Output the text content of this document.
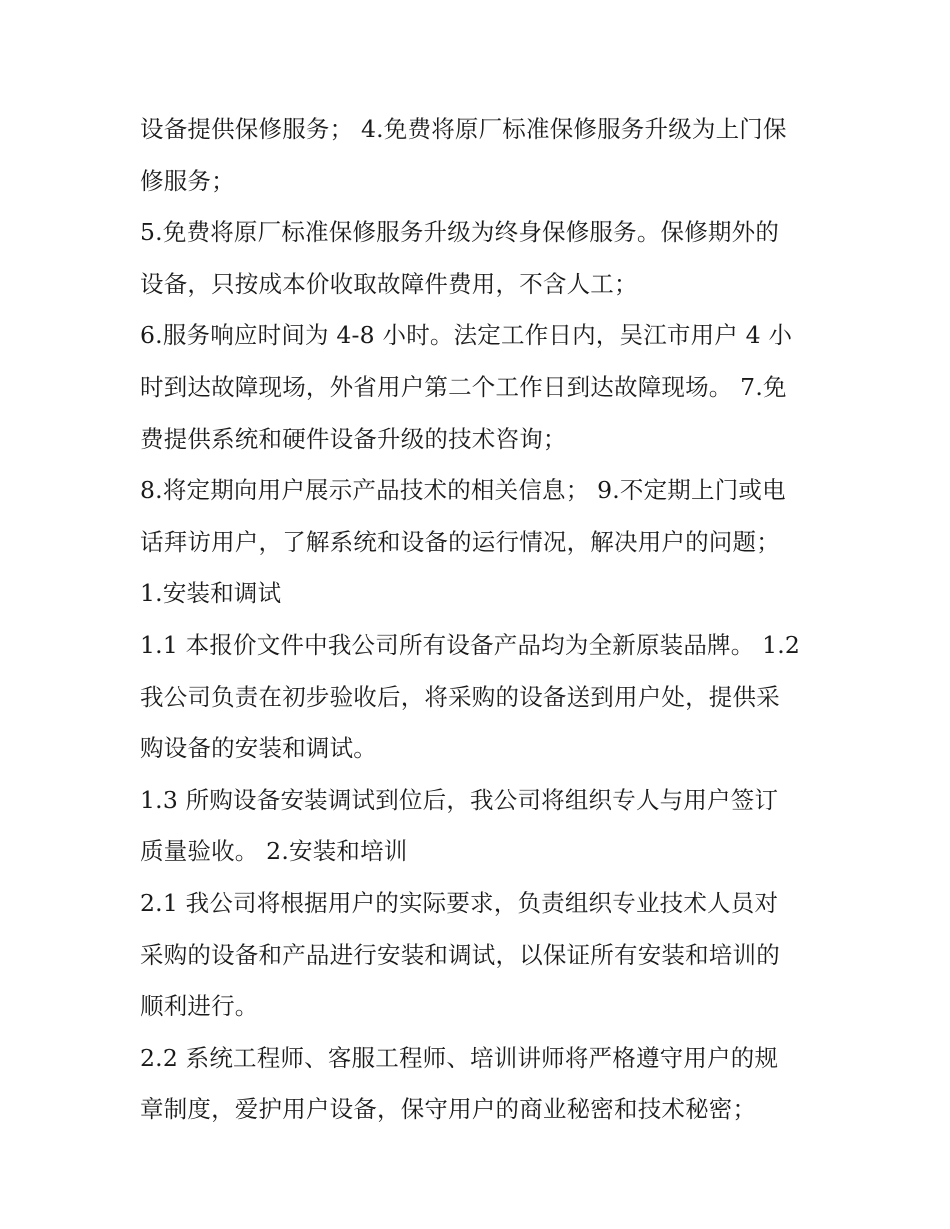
设备提供保修服务； 4.免费将原厂标准保修服务升级为上门保
修服务；
5.免费将原厂标准保修服务升级为终身保修服务。保修期外的
设备，只按成本价收取故障件费用，不含人工；
6.服务响应时间为 4-8 小时。法定工作日内，吴江市用户 4 小
时到达故障现场，外省用户第二个工作日到达故障现场。 7.免
费提供系统和硬件设备升级的技术咨询；
8.将定期向用户展示产品技术的相关信息； 9.不定期上门或电
话拜访用户，了解系统和设备的运行情况，解决用户的问题；
1.安装和调试
1.1 本报价文件中我公司所有设备产品均为全新原装品牌。 1.2
我公司负责在初步验收后，将采购的设备送到用户处，提供采
购设备的安装和调试。
1.3 所购设备安装调试到位后，我公司将组织专人与用户签订
质量验收。 2.安装和培训
2.1 我公司将根据用户的实际要求，负责组织专业技术人员对
采购的设备和产品进行安装和调试，以保证所有安装和培训的
顺利进行。
2.2 系统工程师、客服工程师、培训讲师将严格遵守用户的规
章制度，爱护用户设备，保守用户的商业秘密和技术秘密；
